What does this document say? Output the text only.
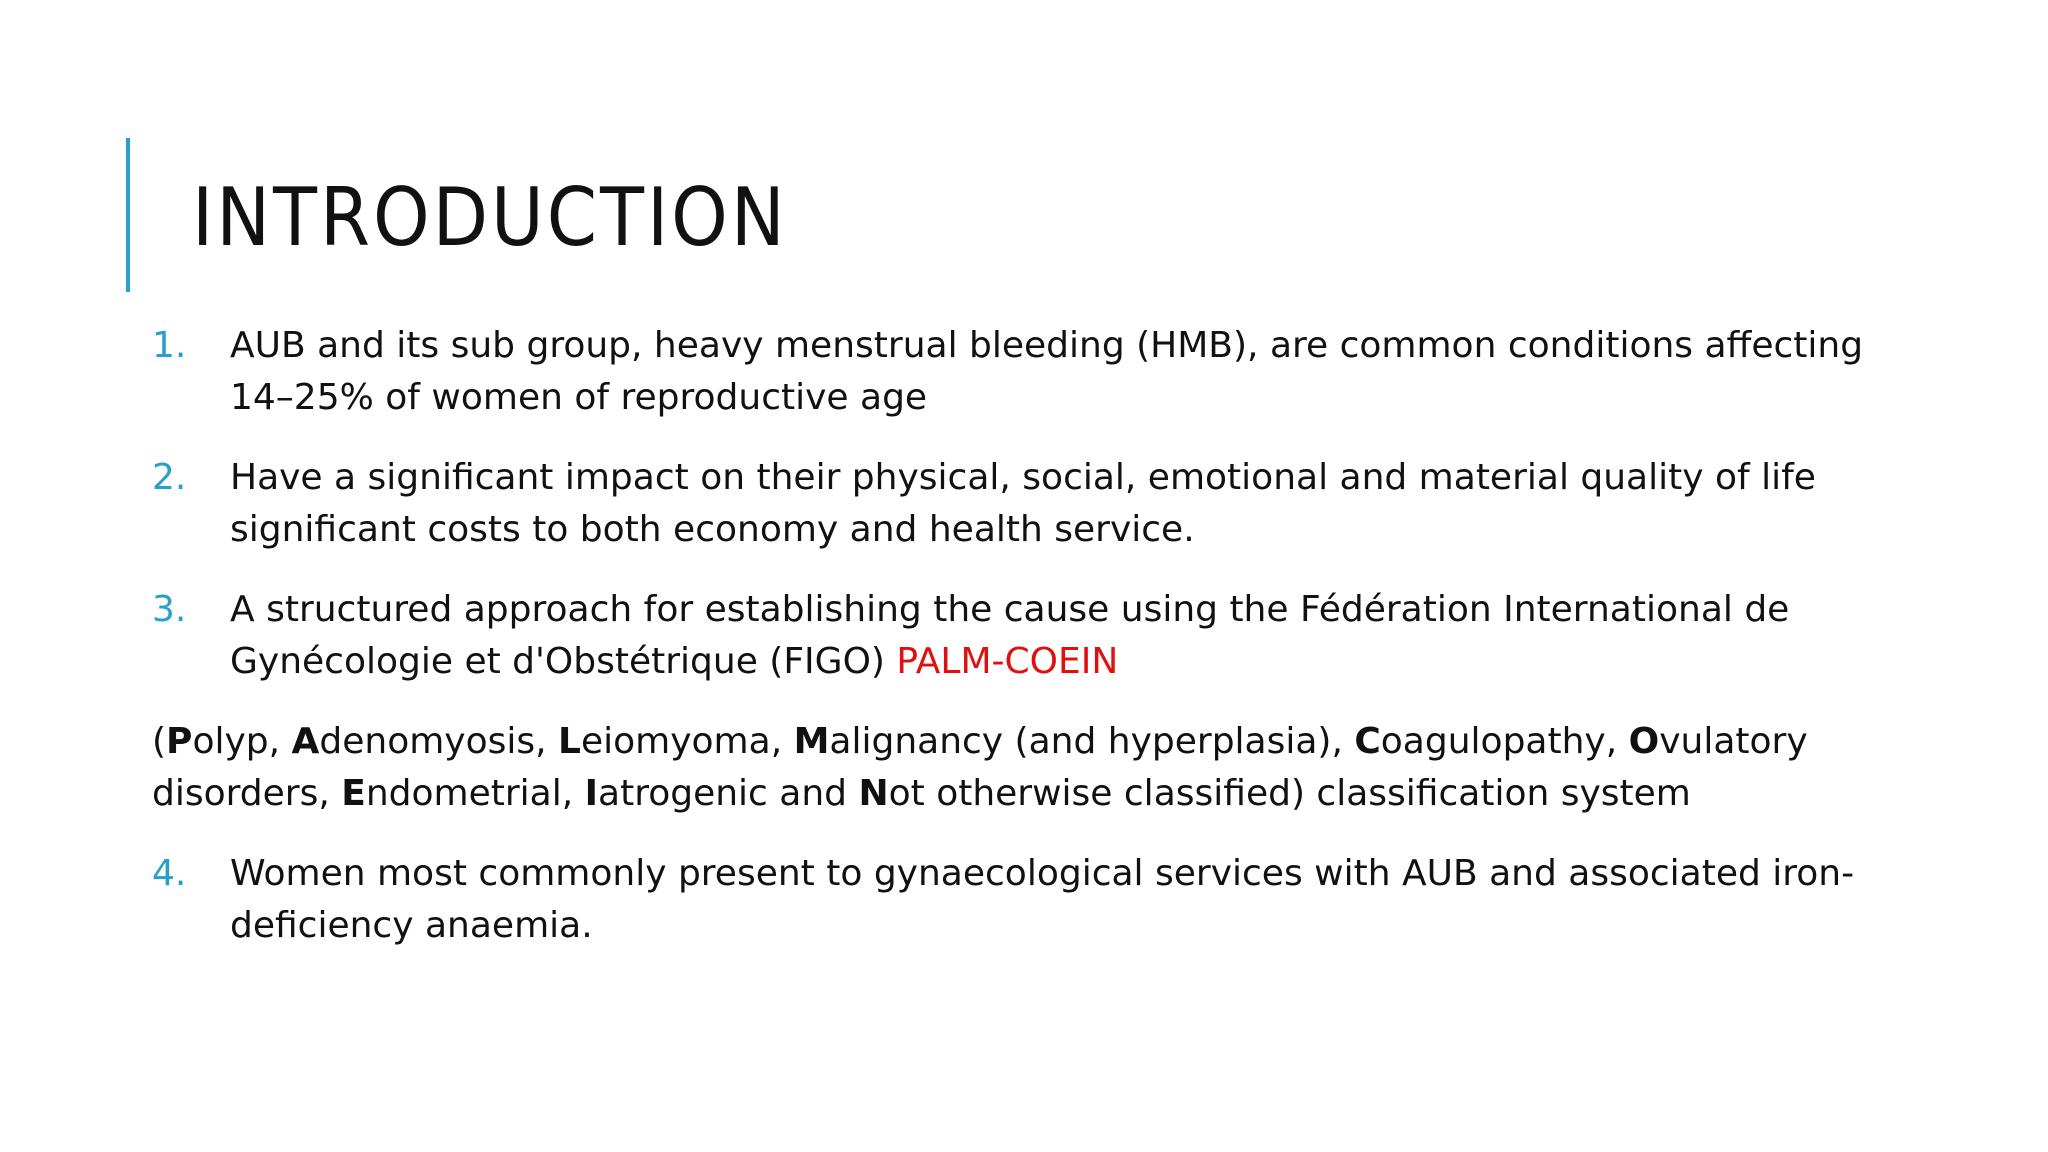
INTRODUCTION
1. AUB and its sub group, heavy menstrual bleeding (HMB), are common conditions affecting 14–25% of women of reproductive age
2. Have a significant impact on their physical, social, emotional and material quality of life significant costs to both economy and health service.
3. A structured approach for establishing the cause using the Fédération International de Gynécologie et d'Obstétrique (FIGO) PALM-COEIN
(Polyp, Adenomyosis, Leiomyoma, Malignancy (and hyperplasia), Coagulopathy, Ovulatory disorders, Endometrial, Iatrogenic and Not otherwise classified) classification system
4. Women most commonly present to gynaecological services with AUB and associated iron-deficiency anaemia.
